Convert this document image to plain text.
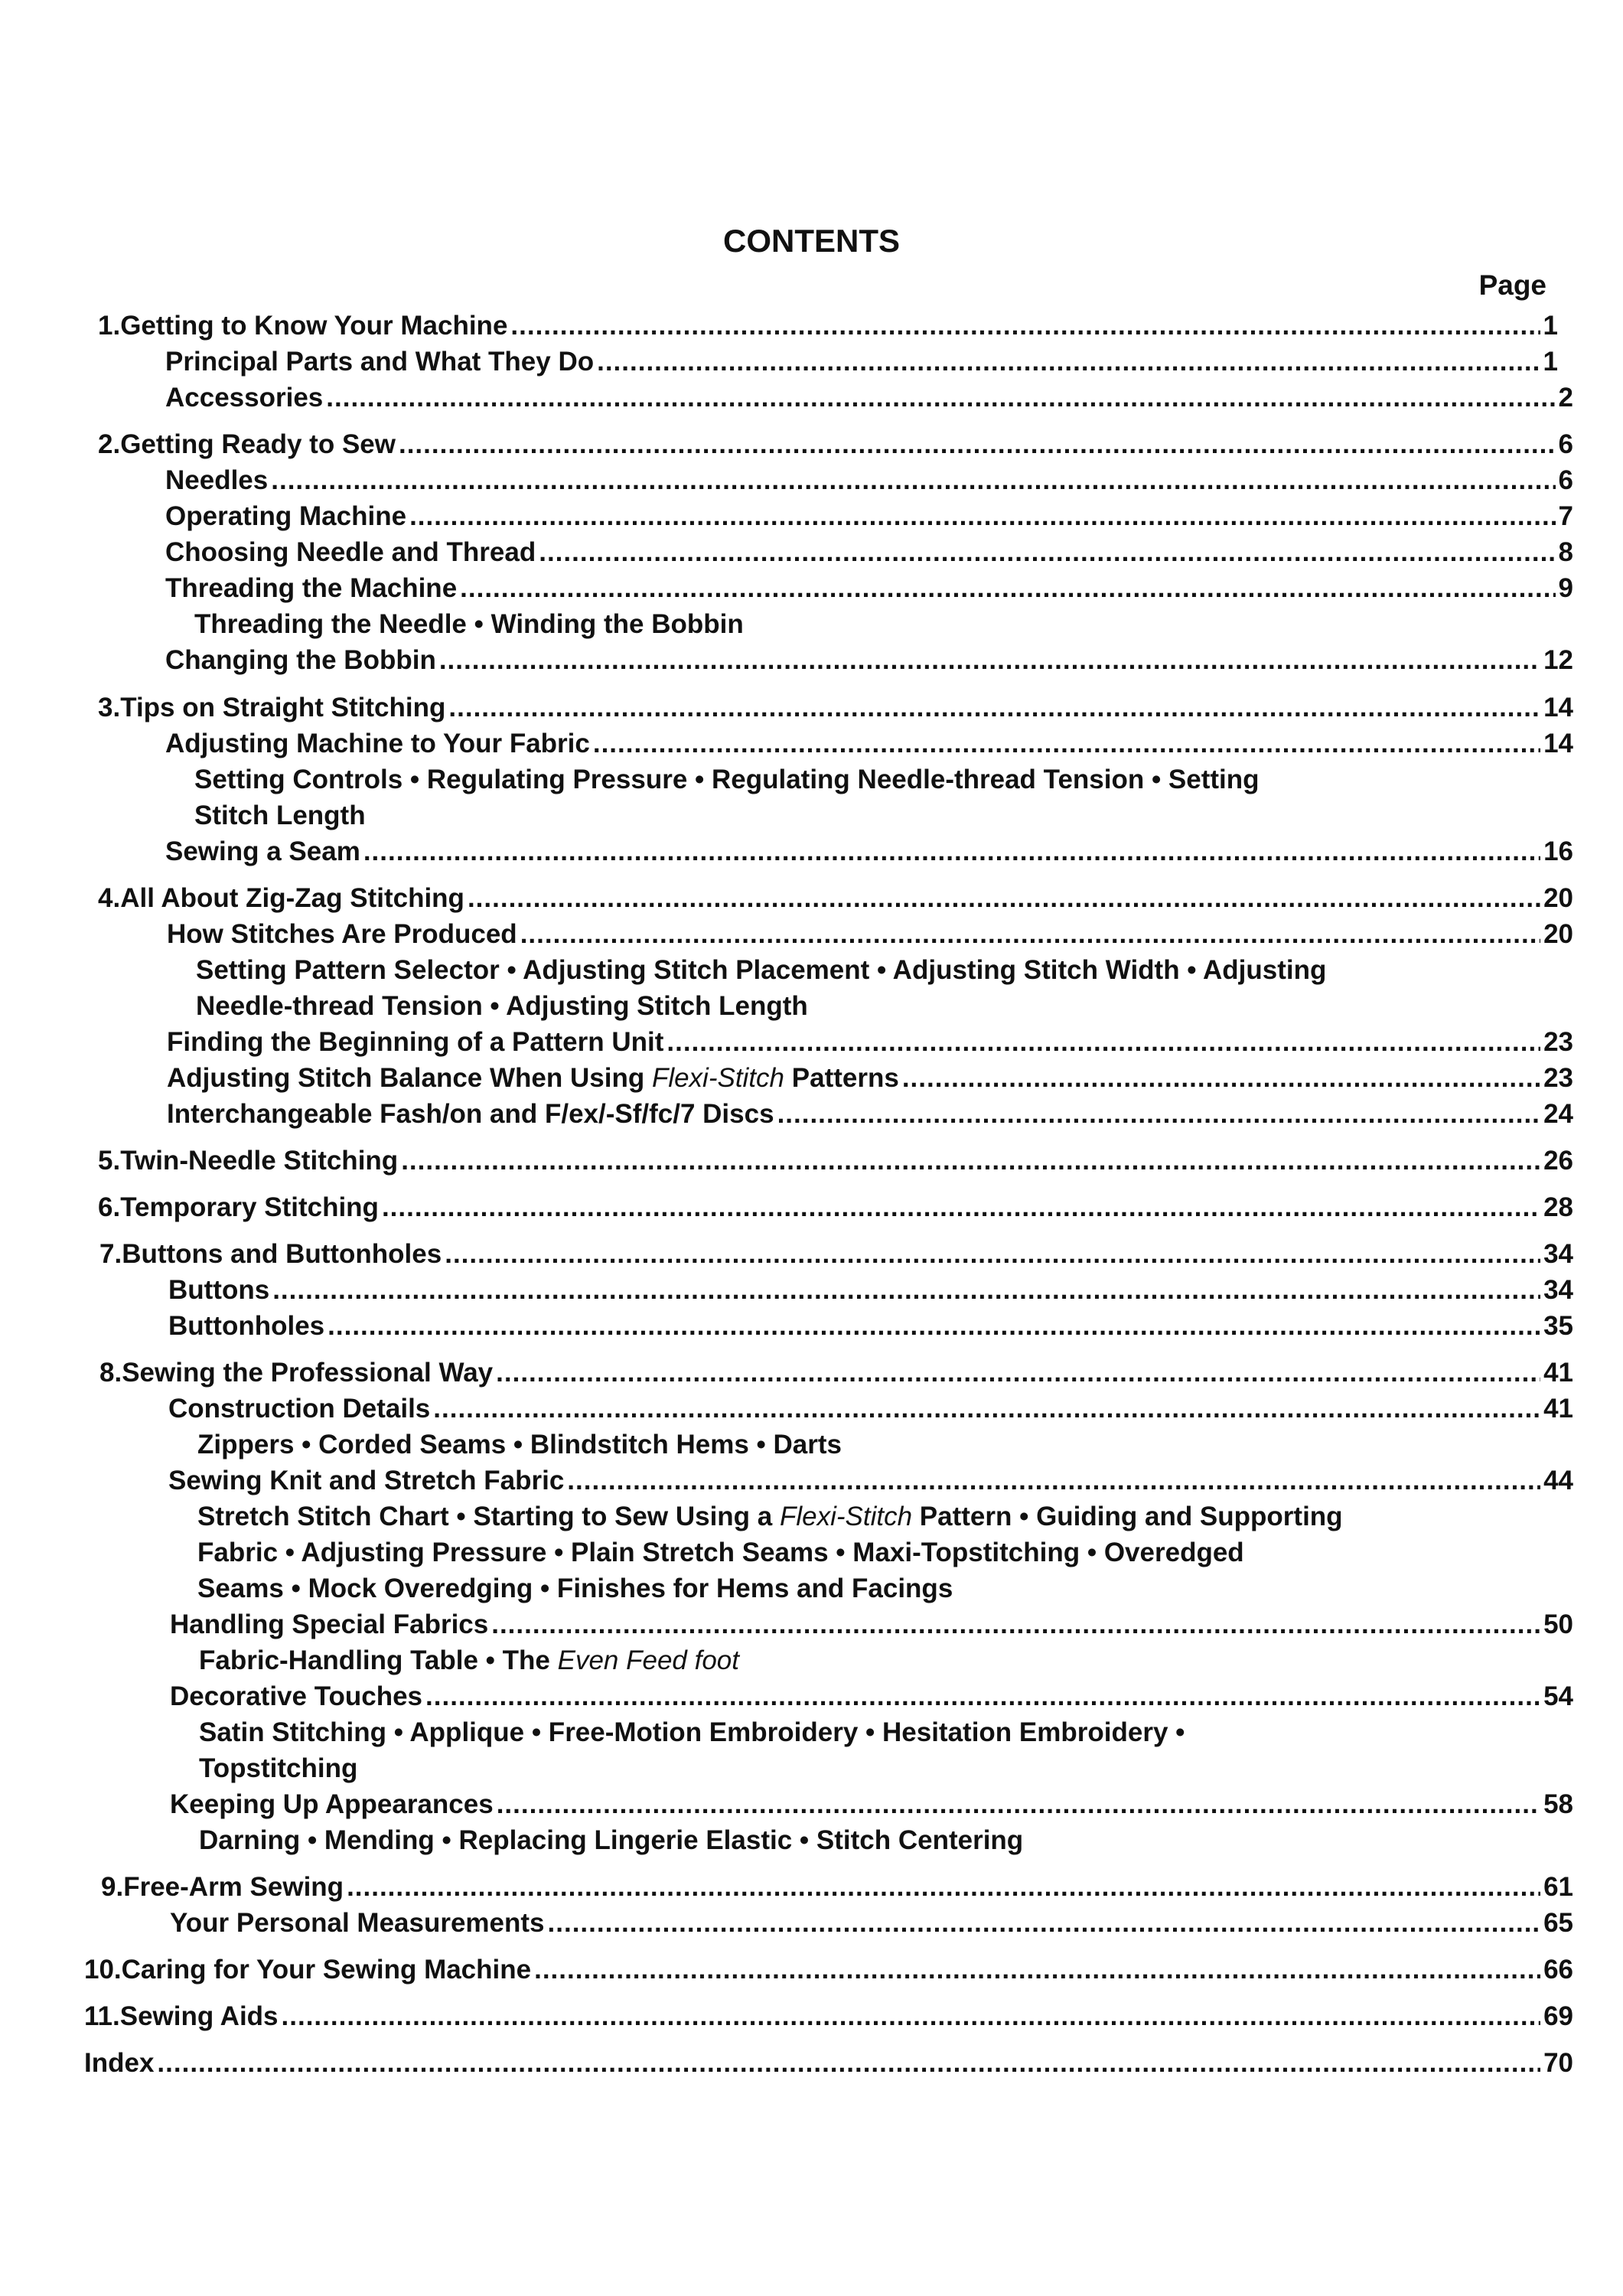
CONTENTS
Page
1. Getting to Know Your Machine .....	1
Principal Parts and What They Do .....	1
Accessories .....	2
2. Getting Ready to Sew .....	6
Needles .....	6
Operating Machine .....	7
Choosing Needle and Thread .....	8
Threading the Machine .....	9
Threading the Needle • Winding the Bobbin
Changing the Bobbin .....	12
3. Tips on Straight Stitching .....	14
Adjusting Machine to Your Fabric .....	14
Setting Controls • Regulating Pressure • Regulating Needle-thread Tension • Setting
Stitch Length
Sewing a Seam .....	16
4. All About Zig-Zag Stitching .....	20
How Stitches Are Produced .....	20
Setting Pattern Selector • Adjusting Stitch Placement • Adjusting Stitch Width • Adjusting
Needle-thread Tension • Adjusting Stitch Length
Finding the Beginning of a Pattern Unit .....	23
Adjusting Stitch Balance When Using Flexi-Stitch Patterns .....	23
Interchangeable Fash/on and F/ex/-Sf/fc/7 Discs .....	24
5. Twin-Needle Stitching .....	26
6. Temporary Stitching .....	28
7. Buttons and Buttonholes .....	34
Buttons .....	34
Buttonholes .....	35
8. Sewing the Professional Way .....	41
Construction Details .....	41
Zippers • Corded Seams • Blindstitch Hems • Darts
Sewing Knit and Stretch Fabric .....	44
Stretch Stitch Chart • Starting to Sew Using a Flexi-Stitch Pattern • Guiding and Supporting
Fabric • Adjusting Pressure • Plain Stretch Seams • Maxi-Topstitching • Overedged
Seams • Mock Overedging • Finishes for Hems and Facings
Handling Special Fabrics .....	50
Fabric-Handling Table • The Even Feed foot
Decorative Touches .....	54
Satin Stitching • Applique • Free-Motion Embroidery • Hesitation Embroidery •
Topstitching
Keeping Up Appearances .....	58
Darning • Mending • Replacing Lingerie Elastic • Stitch Centering
9. Free-Arm Sewing .....	61
Your Personal Measurements .....	65
10. Caring for Your Sewing Machine .....	66
11. Sewing Aids .....	69
Index .....	70
